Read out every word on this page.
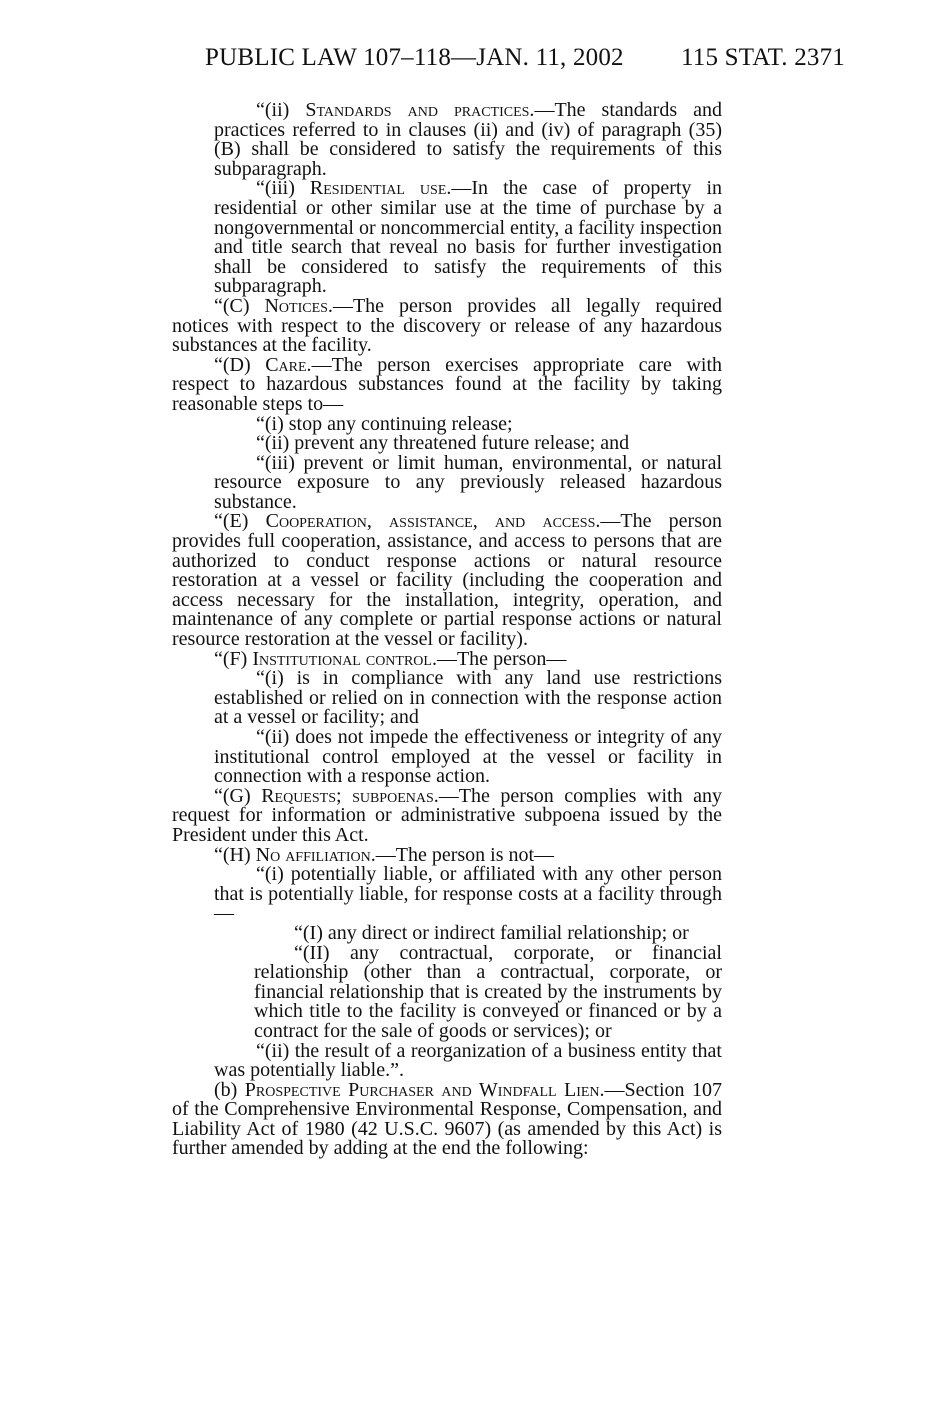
PUBLIC LAW 107–118—JAN. 11, 2002 115 STAT. 2371
“(ii) Standards and practices.—The standards and practices referred to in clauses (ii) and (iv) of paragraph (35)(B) shall be considered to satisfy the requirements of this subparagraph.
“(iii) Residential use.—In the case of property in residential or other similar use at the time of purchase by a nongovernmental or noncommercial entity, a facility inspection and title search that reveal no basis for further investigation shall be considered to satisfy the requirements of this subparagraph.
“(C) Notices.—The person provides all legally required notices with respect to the discovery or release of any hazardous substances at the facility.
“(D) Care.—The person exercises appropriate care with respect to hazardous substances found at the facility by taking reasonable steps to—
“(i) stop any continuing release;
“(ii) prevent any threatened future release; and
“(iii) prevent or limit human, environmental, or natural resource exposure to any previously released hazardous substance.
“(E) Cooperation, assistance, and access.—The person provides full cooperation, assistance, and access to persons that are authorized to conduct response actions or natural resource restoration at a vessel or facility (including the cooperation and access necessary for the installation, integrity, operation, and maintenance of any complete or partial response actions or natural resource restoration at the vessel or facility).
“(F) Institutional control.—The person—
“(i) is in compliance with any land use restrictions established or relied on in connection with the response action at a vessel or facility; and
“(ii) does not impede the effectiveness or integrity of any institutional control employed at the vessel or facility in connection with a response action.
“(G) Requests; subpoenas.—The person complies with any request for information or administrative subpoena issued by the President under this Act.
“(H) No affiliation.—The person is not—
“(i) potentially liable, or affiliated with any other person that is potentially liable, for response costs at a facility through—
“(I) any direct or indirect familial relationship; or
“(II) any contractual, corporate, or financial relationship (other than a contractual, corporate, or financial relationship that is created by the instruments by which title to the facility is conveyed or financed or by a contract for the sale of goods or services); or
“(ii) the result of a reorganization of a business entity that was potentially liable.”.
(b) Prospective Purchaser and Windfall Lien.—Section 107 of the Comprehensive Environmental Response, Compensation, and Liability Act of 1980 (42 U.S.C. 9607) (as amended by this Act) is further amended by adding at the end the following:
